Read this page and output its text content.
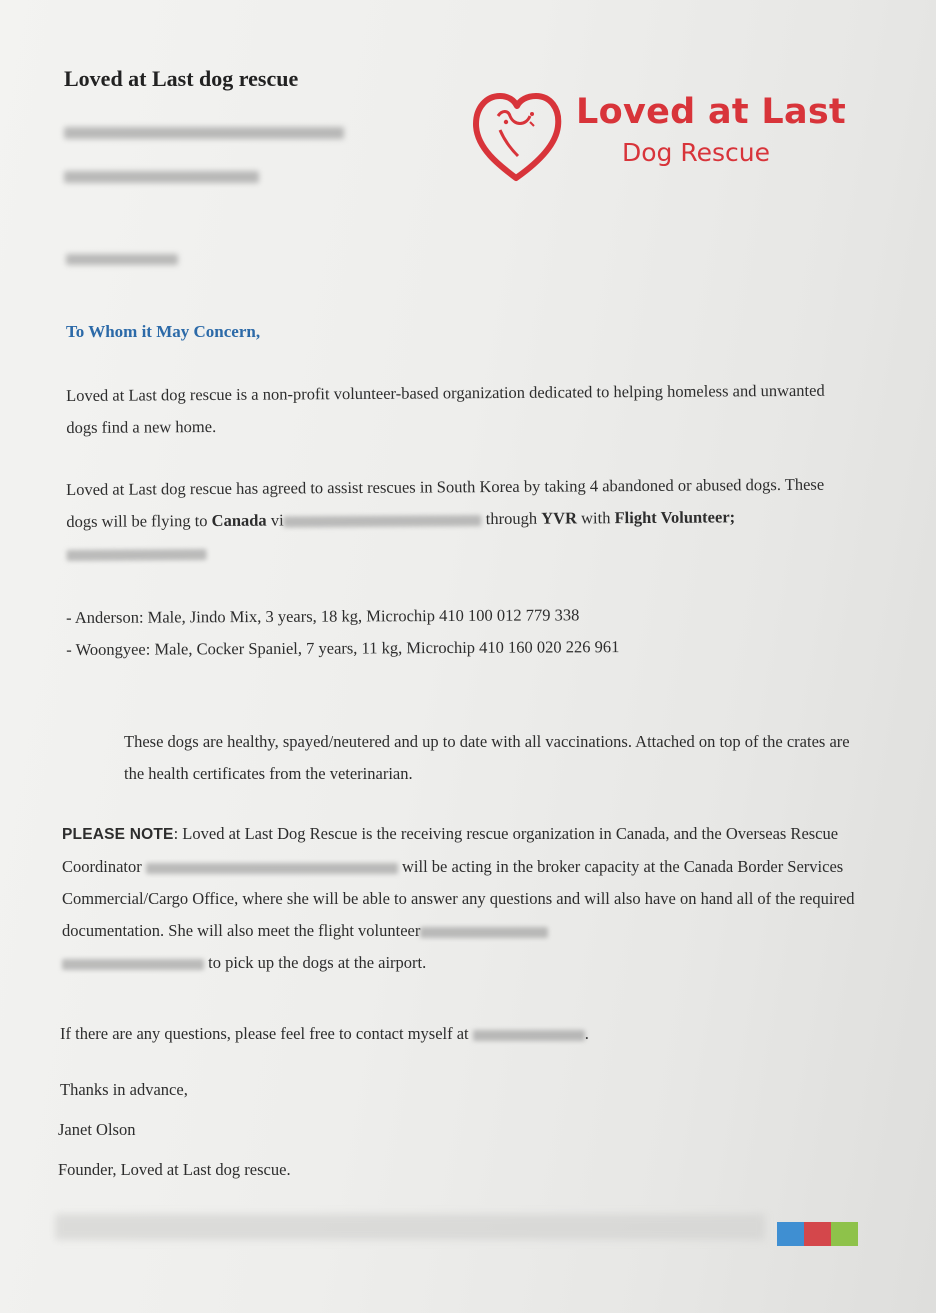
Loved at Last dog rescue
Loved at Last
Dog Rescue
To Whom it May Concern,
Loved at Last dog rescue is a non-profit volunteer-based organization dedicated to helping homeless and unwanted dogs find a new home.
Loved at Last dog rescue has agreed to assist rescues in South Korea by taking 4 abandoned or abused dogs. These dogs will be flying to Canada vi	through YVR with Flight Volunteer;

- Anderson: Male, Jindo Mix, 3 years, 18 kg, Microchip 410 100 012 779 338
- Woongyee: Male, Cocker Spaniel, 7 years, 11 kg, Microchip 410 160 020 226 961
These dogs are healthy, spayed/neutered and up to date with all vaccinations. Attached on top of the crates are the health certificates from the veterinarian.
PLEASE NOTE: Loved at Last Dog Rescue is the receiving rescue organization in Canada, and the Overseas Rescue Coordinator	will be acting in the broker capacity at the Canada Border Services Commercial/Cargo Office, where she will be able to answer any questions and will also have on hand all of the required documentation. She will also meet the flight volunteer
to pick up the dogs at the airport.
If there are any questions, please feel free to contact myself at	.
Thanks in advance,
Janet Olson
Founder, Loved at Last dog rescue.
